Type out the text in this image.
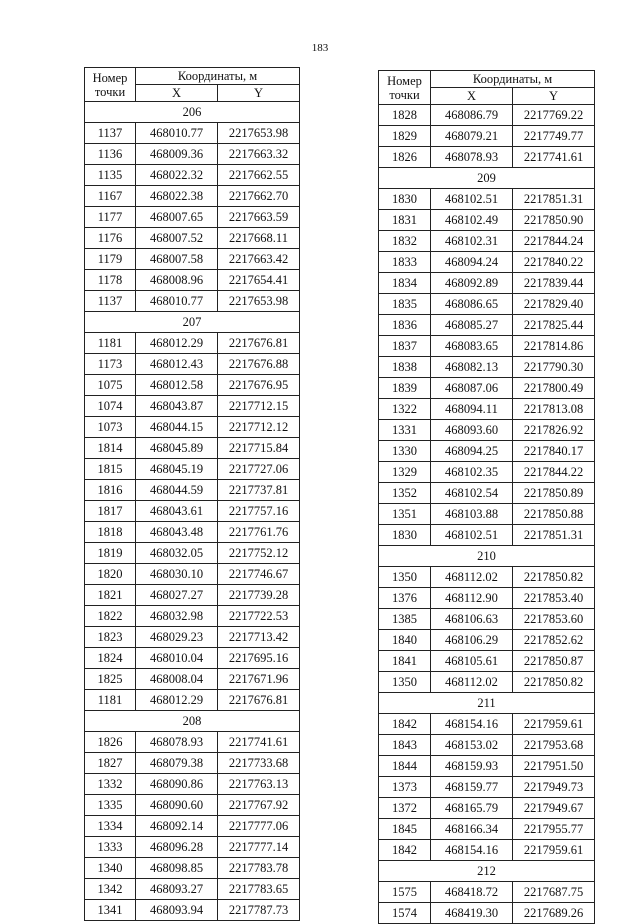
183
Номер точки	Координаты, м	
	X	Y
206		
1137	468010.77	2217653.98
1136	468009.36	2217663.32
1135	468022.32	2217662.55
1167	468022.38	2217662.70
1177	468007.65	2217663.59
1176	468007.52	2217668.11
1179	468007.58	2217663.42
1178	468008.96	2217654.41
1137	468010.77	2217653.98
207		
1181	468012.29	2217676.81
1173	468012.43	2217676.88
1075	468012.58	2217676.95
1074	468043.87	2217712.15
1073	468044.15	2217712.12
1814	468045.89	2217715.84
1815	468045.19	2217727.06
1816	468044.59	2217737.81
1817	468043.61	2217757.16
1818	468043.48	2217761.76
1819	468032.05	2217752.12
1820	468030.10	2217746.67
1821	468027.27	2217739.28
1822	468032.98	2217722.53
1823	468029.23	2217713.42
1824	468010.04	2217695.16
1825	468008.04	2217671.96
1181	468012.29	2217676.81
208		
1826	468078.93	2217741.61
1827	468079.38	2217733.68
1332	468090.86	2217763.13
1335	468090.60	2217767.92
1334	468092.14	2217777.06
1333	468096.28	2217777.14
1340	468098.85	2217783.78
1342	468093.27	2217783.65
1341	468093.94	2217787.73
Номер точки	Координаты, м	
	X	Y
1828	468086.79	2217769.22
1829	468079.21	2217749.77
1826	468078.93	2217741.61
209		
1830	468102.51	2217851.31
1831	468102.49	2217850.90
1832	468102.31	2217844.24
1833	468094.24	2217840.22
1834	468092.89	2217839.44
1835	468086.65	2217829.40
1836	468085.27	2217825.44
1837	468083.65	2217814.86
1838	468082.13	2217790.30
1839	468087.06	2217800.49
1322	468094.11	2217813.08
1331	468093.60	2217826.92
1330	468094.25	2217840.17
1329	468102.35	2217844.22
1352	468102.54	2217850.89
1351	468103.88	2217850.88
1830	468102.51	2217851.31
210		
1350	468112.02	2217850.82
1376	468112.90	2217853.40
1385	468106.63	2217853.60
1840	468106.29	2217852.62
1841	468105.61	2217850.87
1350	468112.02	2217850.82
211		
1842	468154.16	2217959.61
1843	468153.02	2217953.68
1844	468159.93	2217951.50
1373	468159.77	2217949.73
1372	468165.79	2217949.67
1845	468166.34	2217955.77
1842	468154.16	2217959.61
212		
1575	468418.72	2217687.75
1574	468419.30	2217689.26
